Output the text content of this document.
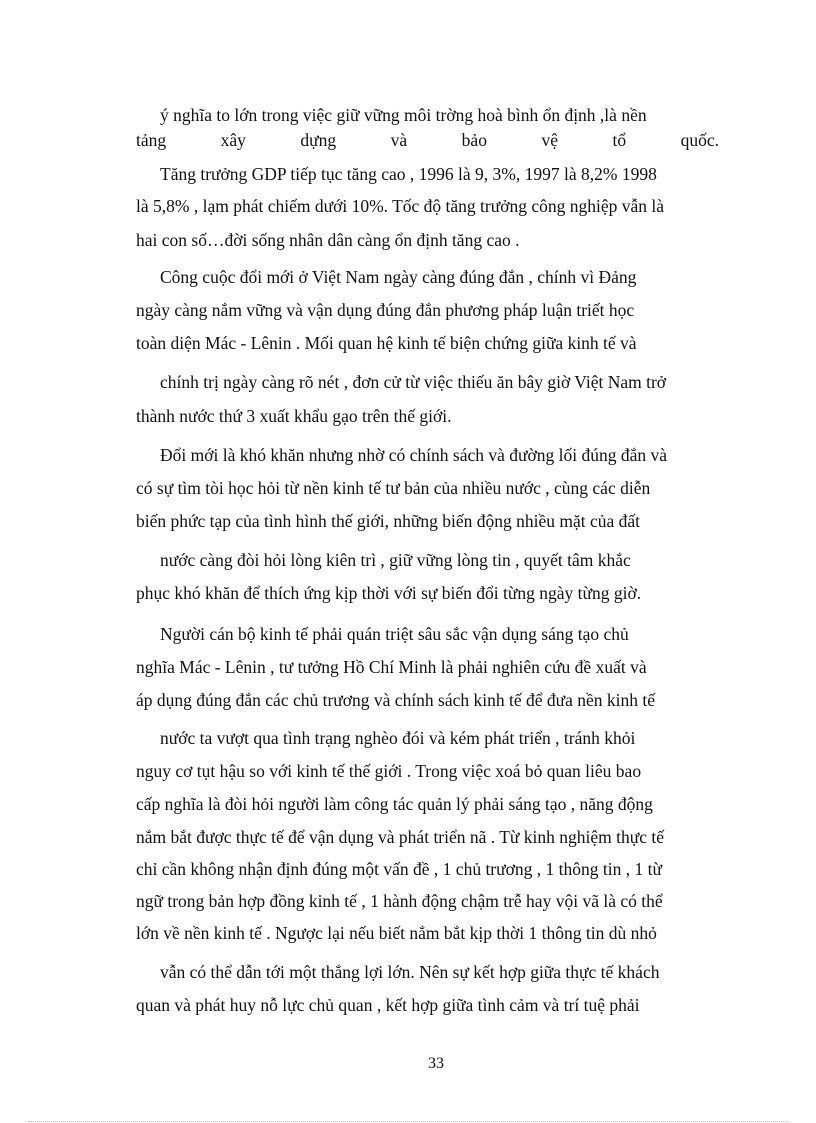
ý nghĩa to lớn trong việc giữ vững môi trờng hoà bình ổn định ,là nền
tảng xây dựng và bảo vệ tổ quốc.
Tăng trưởng GDP tiếp tục tăng cao , 1996 là 9, 3%, 1997 là 8,2% 1998
là 5,8% , lạm phát chiếm dưới 10%. Tốc độ tăng trưởng công nghiệp vẫn là
hai con số…đời sống nhân dân càng ổn định tăng cao .
Công cuộc đổi mới ở Việt Nam ngày càng đúng đắn , chính vì Đảng
ngày càng nắm vững và vận dụng đúng đắn phương pháp luận triết học
toàn diện Mác - Lênin . Mối quan hệ kinh tế biện chứng giữa kinh tế và
chính trị ngày càng rõ nét , đơn cử từ việc thiếu ăn bây giờ Việt Nam trở
thành nước thứ 3 xuất khẩu gạo trên thế giới.
Đổi mới là khó khăn nhưng nhờ có chính sách và đường lối đúng đắn và
có sự tìm tòi học hỏi từ nền kinh tế tư bản của nhiều nước , cùng các diễn
biến phức tạp của tình hình thế giới, những biến động nhiều mặt của đất
nước càng đòi hỏi lòng kiên trì , giữ vững lòng tin , quyết tâm khắc
phục khó khăn để thích ứng kịp thời với sự biến đổi từng ngày từng giờ.
Người cán bộ kinh tế phải quán triệt sâu sắc vận dụng sáng tạo chủ
nghĩa Mác - Lênin , tư tưởng Hồ Chí Minh là phải nghiên cứu đề xuất và
áp dụng đúng đắn các chủ trương và chính sách kinh tế để đưa nền kinh tế
nước ta vượt qua tình trạng nghèo đói và kém phát triển , tránh khỏi
nguy cơ tụt hậu so với kinh tế thế giới . Trong việc xoá bỏ quan liêu bao
cấp nghĩa là đòi hỏi người làm công tác quản lý phải sáng tạo , năng động
nắm bắt được thực tế để vận dụng và phát triển nã . Từ kinh nghiệm thực tế
chỉ cần không nhận định đúng một vấn đề , 1 chủ trương , 1 thông tin , 1 từ
ngữ trong bản hợp đồng kinh tế , 1 hành động chậm trễ hay vội vã là có thể
lớn về nền kinh tế . Ngược lại nếu biết nắm bắt kịp thời 1 thông tin dù nhỏ
vẫn có thể dẫn tới một thắng lợi lớn. Nên sự kết hợp giữa thực tế khách
quan và phát huy nỗ lực chủ quan , kết hợp giữa tình cảm và trí tuệ phải
33
